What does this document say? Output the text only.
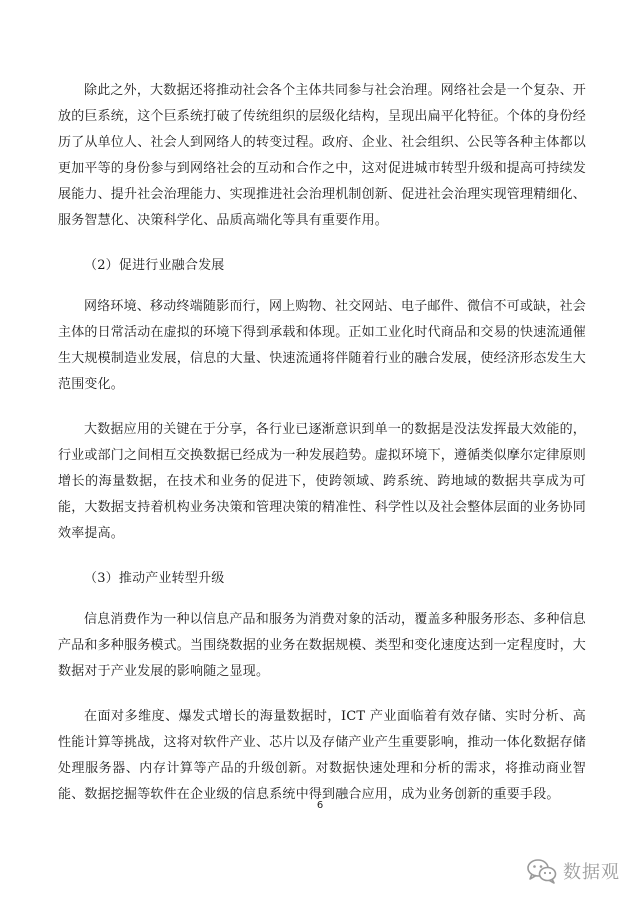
除此之外，大数据还将推动社会各个主体共同参与社会治理。网络社会是一个复杂、开放的巨系统，这个巨系统打破了传统组织的层级化结构，呈现出扁平化特征。个体的身份经历了从单位人、社会人到网络人的转变过程。政府、企业、社会组织、公民等各种主体都以更加平等的身份参与到网络社会的互动和合作之中，这对促进城市转型升级和提高可持续发展能力、提升社会治理能力、实现推进社会治理机制创新、促进社会治理实现管理精细化、服务智慧化、决策科学化、品质高端化等具有重要作用。

（2）促进行业融合发展

网络环境、移动终端随影而行，网上购物、社交网站、电子邮件、微信不可或缺，社会主体的日常活动在虚拟的环境下得到承载和体现。正如工业化时代商品和交易的快速流通催生大规模制造业发展，信息的大量、快速流通将伴随着行业的融合发展，使经济形态发生大范围变化。

大数据应用的关键在于分享，各行业已逐渐意识到单一的数据是没法发挥最大效能的，行业或部门之间相互交换数据已经成为一种发展趋势。虚拟环境下，遵循类似摩尔定律原则增长的海量数据，在技术和业务的促进下，使跨领域、跨系统、跨地域的数据共享成为可能，大数据支持着机构业务决策和管理决策的精准性、科学性以及社会整体层面的业务协同效率提高。

（3）推动产业转型升级

信息消费作为一种以信息产品和服务为消费对象的活动，覆盖多种服务形态、多种信息产品和多种服务模式。当围绕数据的业务在数据规模、类型和变化速度达到一定程度时，大数据对于产业发展的影响随之显现。

在面对多维度、爆发式增长的海量数据时，ICT 产业面临着有效存储、实时分析、高性能计算等挑战，这将对软件产业、芯片以及存储产业产生重要影响，推动一体化数据存储处理服务器、内存计算等产品的升级创新。对数据快速处理和分析的需求，将推动商业智能、数据挖掘等软件在企业级的信息系统中得到融合应用，成为业务创新的重要手段。

6
数据观
